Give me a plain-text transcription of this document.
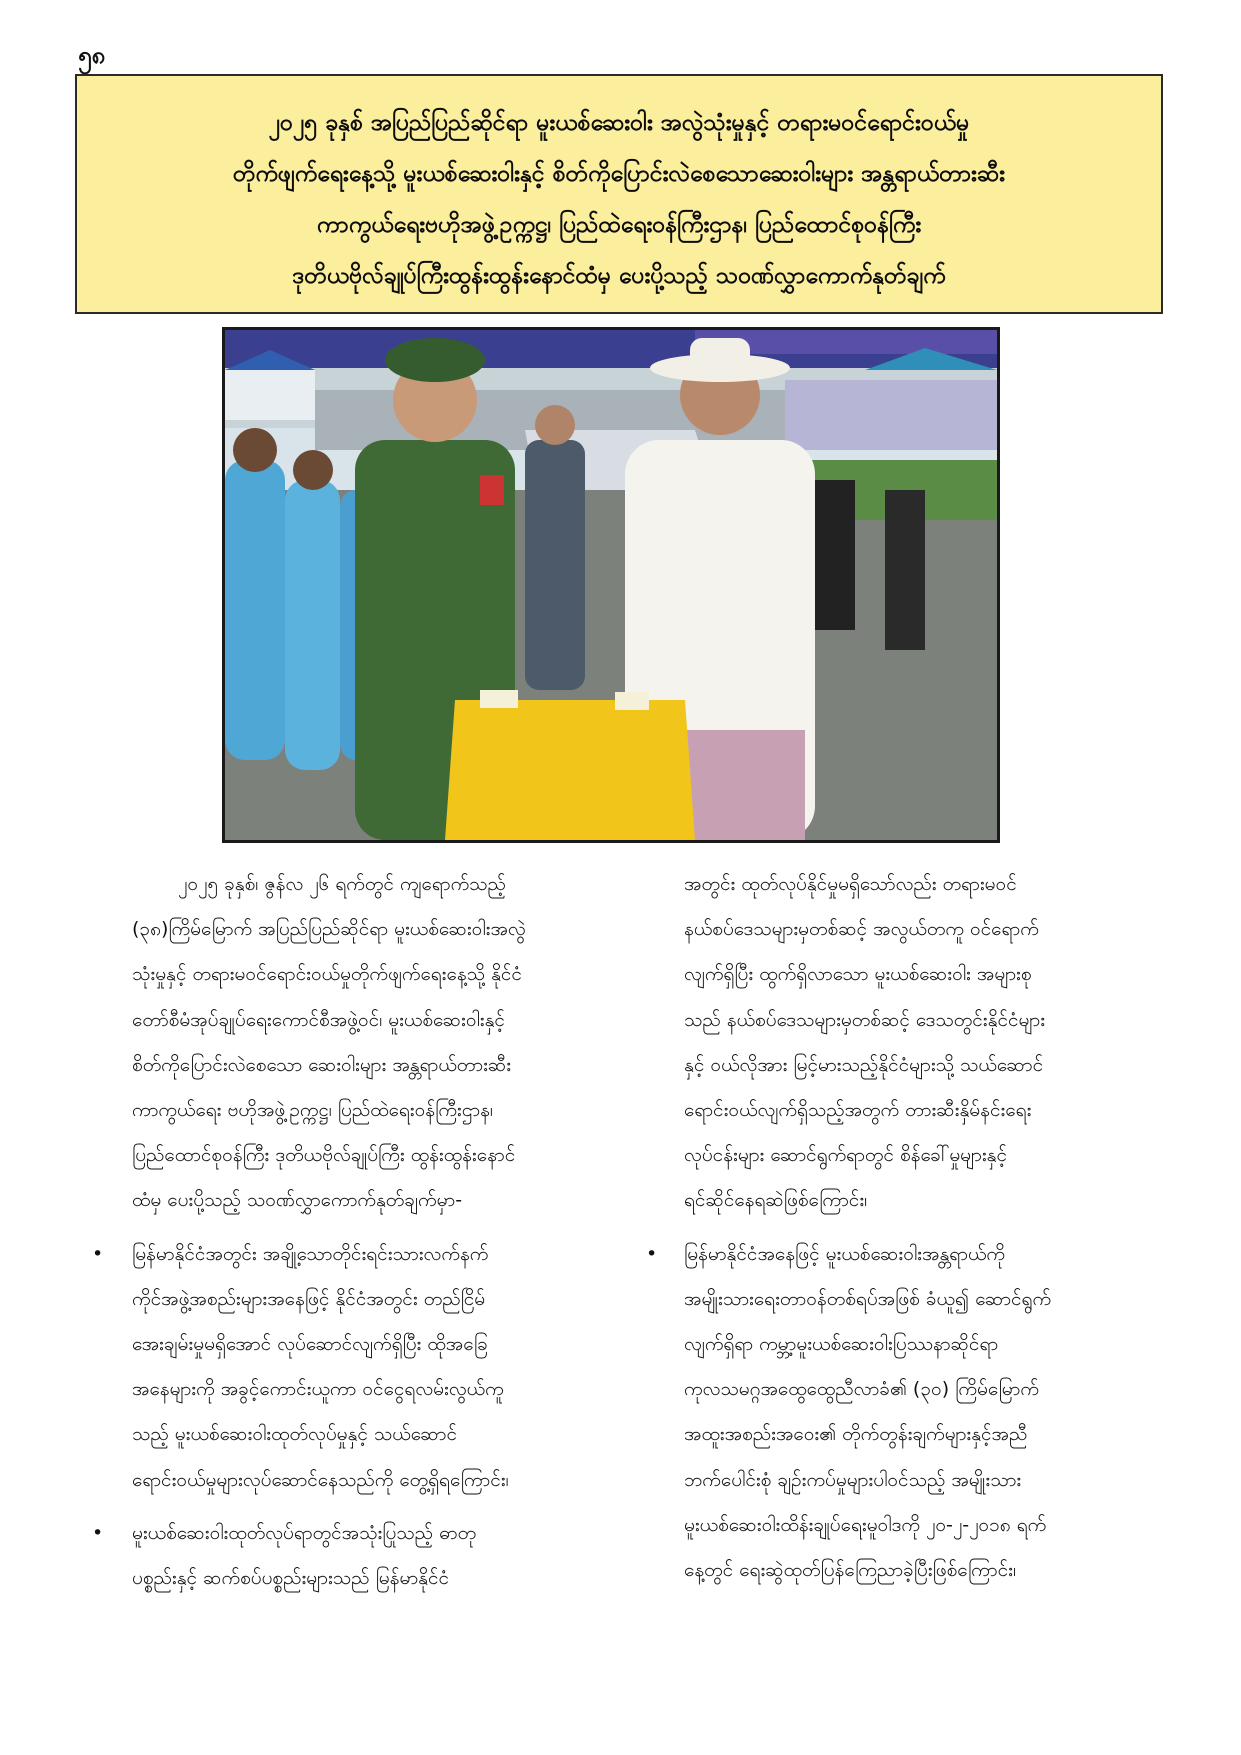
၅၈
၂၀၂၅ ခုနှစ် အပြည်ပြည်ဆိုင်ရာ မူးယစ်ဆေးဝါး အလွဲသုံးမှုနှင့် တရားမဝင်ရောင်းဝယ်မှု
တိုက်ဖျက်ရေးနေ့သို့ မူးယစ်ဆေးဝါးနှင့် စိတ်ကိုပြောင်းလဲစေသောဆေးဝါးများ အန္တရာယ်တားဆီး
ကာကွယ်ရေးဗဟိုအဖွဲ့ဥက္ကဋ္ဌ၊ ပြည်ထဲရေးဝန်ကြီးဌာန၊ ပြည်ထောင်စုဝန်ကြီး
ဒုတိယဗိုလ်ချုပ်ကြီးထွန်းထွန်းနောင်ထံမှ ပေးပို့သည့် သဝဏ်လွှာကောက်နုတ်ချက်
၂၀၂၅ ခုနှစ်၊ ဇွန်လ ၂၆ ရက်တွင် ကျရောက်သည့်
(၃၈)ကြိမ်မြောက် အပြည်ပြည်ဆိုင်ရာ မူးယစ်ဆေးဝါးအလွဲ
သုံးမှုနှင့် တရားမဝင်ရောင်းဝယ်မှုတိုက်ဖျက်ရေးနေ့သို့ နိုင်ငံ
တော်စီမံအုပ်ချုပ်ရေးကောင်စီအဖွဲ့ဝင်၊ မူးယစ်ဆေးဝါးနှင့်
စိတ်ကိုပြောင်းလဲစေသော ဆေးဝါးများ အန္တရာယ်တားဆီး
ကာကွယ်ရေး ဗဟိုအဖွဲ့ဥက္ကဋ္ဌ၊ ပြည်ထဲရေးဝန်ကြီးဌာန၊
ပြည်ထောင်စုဝန်ကြီး ဒုတိယဗိုလ်ချုပ်ကြီး ထွန်းထွန်းနောင်
ထံမှ ပေးပို့သည့် သဝဏ်လွှာကောက်နုတ်ချက်မှာ-
• မြန်မာနိုင်ငံအတွင်း အချို့သောတိုင်းရင်းသားလက်နက်
ကိုင်အဖွဲ့အစည်းများအနေဖြင့် နိုင်ငံအတွင်း တည်ငြိမ်
အေးချမ်းမှုမရှိအောင် လုပ်ဆောင်လျက်ရှိပြီး ထိုအခြေ
အနေများကို အခွင့်ကောင်းယူကာ ဝင်ငွေရလမ်းလွယ်ကူ
သည့် မူးယစ်ဆေးဝါးထုတ်လုပ်မှုနှင့် သယ်ဆောင်
ရောင်းဝယ်မှုများလုပ်ဆောင်နေသည်ကို တွေ့ရှိရကြောင်း၊
• မူးယစ်ဆေးဝါးထုတ်လုပ်ရာတွင်အသုံးပြုသည့် ဓာတု
ပစ္စည်းနှင့် ဆက်စပ်ပစ္စည်းများသည် မြန်မာနိုင်ငံ
အတွင်း ထုတ်လုပ်နိုင်မှုမရှိသော်လည်း တရားမဝင်
နယ်စပ်ဒေသများမှတစ်ဆင့် အလွယ်တကူ ဝင်ရောက်
လျက်ရှိပြီး ထွက်ရှိလာသော မူးယစ်ဆေးဝါး အများစု
သည် နယ်စပ်ဒေသများမှတစ်ဆင့် ဒေသတွင်းနိုင်ငံများ
နှင့် ဝယ်လိုအား မြင့်မားသည့်နိုင်ငံများသို့ သယ်ဆောင်
ရောင်းဝယ်လျက်ရှိသည့်အတွက် တားဆီးနှိမ်နင်းရေး
လုပ်ငန်းများ ဆောင်ရွက်ရာတွင် စိန်ခေါ်မှုများနှင့်
ရင်ဆိုင်နေရဆဲဖြစ်ကြောင်း၊
• မြန်မာနိုင်ငံအနေဖြင့် မူးယစ်ဆေးဝါးအန္တရာယ်ကို
အမျိုးသားရေးတာဝန်တစ်ရပ်အဖြစ် ခံယူ၍ ဆောင်ရွက်
လျက်ရှိရာ ကမ္ဘာ့မူးယစ်ဆေးဝါးပြဿနာဆိုင်ရာ
ကုလသမဂ္ဂအထွေထွေညီလာခံ၏ (၃၀) ကြိမ်မြောက်
အထူးအစည်းအဝေး၏ တိုက်တွန်းချက်များနှင့်အညီ
ဘက်ပေါင်းစုံ ချဉ်းကပ်မှုများပါဝင်သည့် အမျိုးသား
မူးယစ်ဆေးဝါးထိန်းချုပ်ရေးမူဝါဒကို ၂၀-၂-၂၀၁၈ ရက်
နေ့တွင် ရေးဆွဲထုတ်ပြန်ကြေညာခဲ့ပြီးဖြစ်ကြောင်း၊
